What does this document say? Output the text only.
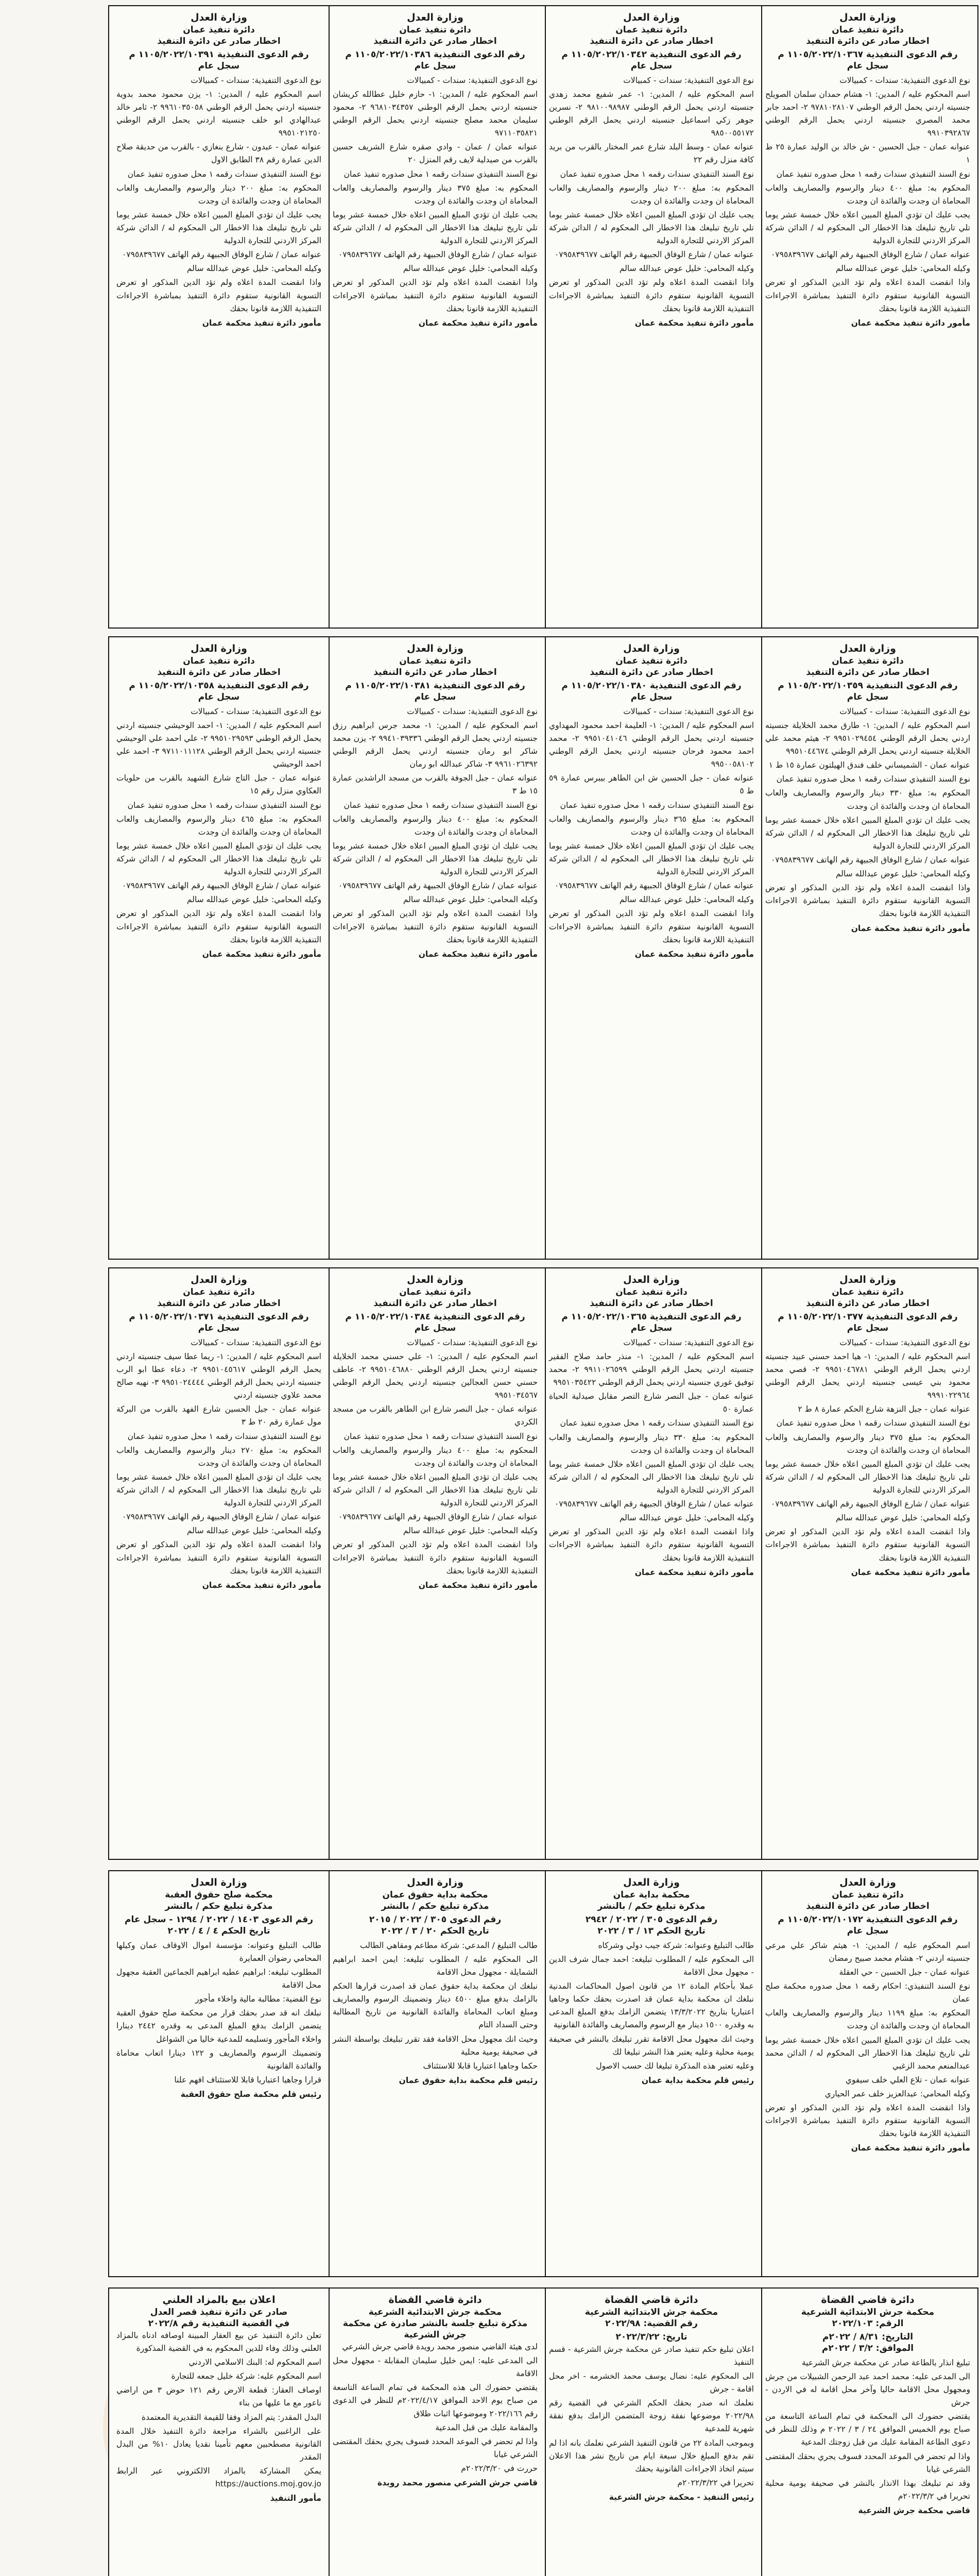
وزارة العدل
دائرة تنفيذ عمان
اخطار صادر عن دائرة التنفيذ
رقم الدعوى التنفيذية ١١٠٥/٢٠٢٢/١٠٣٦٧ م
سجل عام

نوع الدعوى التنفيذية: سندات - كمبيالات

اسم المحكوم عليه / المدين: ١- هشام حمدان سلمان الصويلح جنسيته اردني يحمل الرقم الوطني ٩٧٨١٠٢٨١٠٧ ٢- احمد جابر محمد المصري جنسيته اردني يحمل الرقم الوطني ٩٩١٠٣٩٢٨٦٧

عنوانه عمان - جبل الحسين - ش خالد بن الوليد عمارة ٢٥ ط ١

نوع السند التنفيذي سندات رقمه ١ محل صدوره تنفيذ عمان

المحكوم به: مبلغ ٤٠٠ دينار والرسوم والمصاريف والعاب المحاماة ان وجدت والفائدة ان وجدت

يجب عليك ان تؤدي المبلغ المبين اعلاه خلال خمسة عشر يوما تلي تاريخ تبليغك هذا الاخطار الى المحكوم له / الدائن شركة المركز الاردني للتجارة الدولية

عنوانه عمان / شارع الوفاق الجبيهة رقم الهاتف ٠٧٩٥٨٣٩٦٧٧

وكيله المحامي: خليل عوض عبدالله سالم

واذا انقضت المدة اعلاه ولم تؤد الدين المذكور او تعرض التسوية القانونية ستقوم دائرة التنفيذ بمباشرة الاجراءات التنفيذية اللازمة قانونا بحقك

مأمور دائرة تنفيذ محكمة عمان
وزارة العدل
دائرة تنفيذ عمان
اخطار صادر عن دائرة التنفيذ
رقم الدعوى التنفيذية ١١٠٥/٢٠٢٢/١٠٣٤٢ م
سجل عام

نوع الدعوى التنفيذية: سندات - كمبيالات

اسم المحكوم عليه / المدين: ١- عمر شفيع محمد زهدي جنسيته اردني يحمل الرقم الوطني ٩٨١٠٠٩٨٩٨٧ ٢- نسرين جوهر زكي اسماعيل جنسيته اردني يحمل الرقم الوطني ٩٨٥٠٠٥٥١٧٢

عنوانه عمان - وسط البلد شارع عمر المختار بالقرب من بريد كافة منزل رقم ٢٢

نوع السند التنفيذي سندات رقمه ١ محل صدوره تنفيذ عمان

المحكوم به: مبلغ ٢٠٠ دينار والرسوم والمصاريف والعاب المحاماة ان وجدت والفائدة ان وجدت

يجب عليك ان تؤدي المبلغ المبين اعلاه خلال خمسة عشر يوما تلي تاريخ تبليغك هذا الاخطار الى المحكوم له / الدائن شركة المركز الاردني للتجارة الدولية

عنوانه عمان / شارع الوفاق الجبيهة رقم الهاتف ٠٧٩٥٨٣٩٦٧٧

وكيله المحامي: خليل عوض عبدالله سالم

واذا انقضت المدة اعلاه ولم تؤد الدين المذكور او تعرض التسوية القانونية ستقوم دائرة التنفيذ بمباشرة الاجراءات التنفيذية اللازمة قانونا بحقك

مأمور دائرة تنفيذ محكمة عمان
وزارة العدل
دائرة تنفيذ عمان
اخطار صادر عن دائرة التنفيذ
رقم الدعوى التنفيذية ١١٠٥/٢٠٢٢/١٠٣٨٦ م
سجل عام

نوع الدعوى التنفيذية: سندات - كمبيالات

اسم المحكوم عليه / المدين: ١- حازم خليل عطالله كريشان جنسيته اردني يحمل الرقم الوطني ٩٦٨١٠٣٤٣٥٧ ٢- محمود سليمان محمد مصلح جنسيته اردني يحمل الرقم الوطني ٩٧١١٠٣٥٨٢١

عنوانه عمان / عمان - وادي صقره شارع الشريف حسين بالقرب من صيدلية لايف رقم المنزل ٢٠

نوع السند التنفيذي سندات رقمه ١ محل صدوره تنفيذ عمان

المحكوم به: مبلغ ٣٧٥ دينار والرسوم والمصاريف والعاب المحاماة ان وجدت والفائدة ان وجدت

يجب عليك ان تؤدي المبلغ المبين اعلاه خلال خمسة عشر يوما تلي تاريخ تبليغك هذا الاخطار الى المحكوم له / الدائن شركة المركز الاردني للتجارة الدولية

عنوانه عمان / شارع الوفاق الجبيهة رقم الهاتف ٠٧٩٥٨٣٩٦٧٧

وكيله المحامي: خليل عوض عبدالله سالم

واذا انقضت المدة اعلاه ولم تؤد الدين المذكور او تعرض التسوية القانونية ستقوم دائرة التنفيذ بمباشرة الاجراءات التنفيذية اللازمة قانونا بحقك

مأمور دائرة تنفيذ محكمة عمان
وزارة العدل
دائرة تنفيذ عمان
اخطار صادر عن دائرة التنفيذ
رقم الدعوى التنفيذية ١١٠٥/٢٠٢٢/١٠٣٩١ م
سجل عام

نوع الدعوى التنفيذية: سندات - كمبيالات

اسم المحكوم عليه / المدين: ١- يزن محمود محمد بدوية جنسيته اردني يحمل الرقم الوطني ٩٩٦١٠٣٥٠٥٨ ٢- ثامر خالد عبدالهادي ابو خلف جنسيته اردني يحمل الرقم الوطني ٩٩٥١٠٢١٢٥٠

عنوانه عمان - عبدون - شارع بنغازي - بالقرب من حديقة صلاح الدين عمارة رقم ٣٨ الطابق الاول

نوع السند التنفيذي سندات رقمه ١ محل صدوره تنفيذ عمان

المحكوم به: مبلغ ٢٠٠ دينار والرسوم والمصاريف والعاب المحاماة ان وجدت والفائدة ان وجدت

يجب عليك ان تؤدي المبلغ المبين اعلاه خلال خمسة عشر يوما تلي تاريخ تبليغك هذا الاخطار الى المحكوم له / الدائن شركة المركز الاردني للتجارة الدولية

عنوانه عمان / شارع الوفاق الجبيهة رقم الهاتف ٠٧٩٥٨٣٩٦٧٧

وكيله المحامي: خليل عوض عبدالله سالم

واذا انقضت المدة اعلاه ولم تؤد الدين المذكور او تعرض التسوية القانونية ستقوم دائرة التنفيذ بمباشرة الاجراءات التنفيذية اللازمة قانونا بحقك

مأمور دائرة تنفيذ محكمة عمان
وزارة العدل
دائرة تنفيذ عمان
اخطار صادر عن دائرة التنفيذ
رقم الدعوى التنفيذية ١١٠٥/٢٠٢٢/١٠٣٥٩ م
سجل عام

نوع الدعوى التنفيذية: سندات - كمبيالات

اسم المحكوم عليه / المدين: ١- طارق محمد الخلايلة جنسيته اردني يحمل الرقم الوطني ٩٩٥١٠٢٩٤٥٤ ٢- هيثم محمد علي الخلايلة جنسيته اردني يحمل الرقم الوطني ٩٩٥١٠٤٤٦٧٤

عنوانه عمان - الشميساني خلف فندق الهيلتون عمارة ١٥ ط ١

نوع السند التنفيذي سندات رقمه ١ محل صدوره تنفيذ عمان

المحكوم به: مبلغ ٣٣٠ دينار والرسوم والمصاريف والعاب المحاماة ان وجدت والفائدة ان وجدت

يجب عليك ان تؤدي المبلغ المبين اعلاه خلال خمسة عشر يوما تلي تاريخ تبليغك هذا الاخطار الى المحكوم له / الدائن شركة المركز الاردني للتجارة الدولية

عنوانه عمان / شارع الوفاق الجبيهة رقم الهاتف ٠٧٩٥٨٣٩٦٧٧

وكيله المحامي: خليل عوض عبدالله سالم

واذا انقضت المدة اعلاه ولم تؤد الدين المذكور او تعرض التسوية القانونية ستقوم دائرة التنفيذ بمباشرة الاجراءات التنفيذية اللازمة قانونا بحقك

مأمور دائرة تنفيذ محكمة عمان
وزارة العدل
دائرة تنفيذ عمان
اخطار صادر عن دائرة التنفيذ
رقم الدعوى التنفيذية ١١٠٥/٢٠٢٢/١٠٣٨٠ م
سجل عام

نوع الدعوى التنفيذية: سندات - كمبيالات

اسم المحكوم عليه / المدين: ١- العليمة احمد محمود المهداوي جنسيته اردني يحمل الرقم الوطني ٩٩٥١٠٤١٠٤٦ ٢- محمد احمد محمود فرحان جنسيته اردني يحمل الرقم الوطني ٩٩٥٠٠٥٨١٠٢

عنوانه عمان - جبل الحسين ش ابن الطاهر بيبرس عمارة ٥٩ ط ٥

نوع السند التنفيذي سندات رقمه ١ محل صدوره تنفيذ عمان

المحكوم به: مبلغ ٣٦٥ دينار والرسوم والمصاريف والعاب المحاماة ان وجدت والفائدة ان وجدت

يجب عليك ان تؤدي المبلغ المبين اعلاه خلال خمسة عشر يوما تلي تاريخ تبليغك هذا الاخطار الى المحكوم له / الدائن شركة المركز الاردني للتجارة الدولية

عنوانه عمان / شارع الوفاق الجبيهة رقم الهاتف ٠٧٩٥٨٣٩٦٧٧

وكيله المحامي: خليل عوض عبدالله سالم

واذا انقضت المدة اعلاه ولم تؤد الدين المذكور او تعرض التسوية القانونية ستقوم دائرة التنفيذ بمباشرة الاجراءات التنفيذية اللازمة قانونا بحقك

مأمور دائرة تنفيذ محكمة عمان
وزارة العدل
دائرة تنفيذ عمان
اخطار صادر عن دائرة التنفيذ
رقم الدعوى التنفيذية ١١٠٥/٢٠٢٢/١٠٣٨١ م
سجل عام

نوع الدعوى التنفيذية: سندات - كمبيالات

اسم المحكوم عليه / المدين: ١- محمد جرس ابراهيم رزق جنسيته اردني يحمل الرقم الوطني ٩٩٤١٠٣٩٣٣٦ ٢- يزن محمد شاكر ابو رمان جنسيته اردني يحمل الرقم الوطني ٩٩٦١٠٢٦٣٩٢ ٣- شاكر عبدالله ابو رمان

عنوانه عمان - جبل الجوفة بالقرب من مسجد الراشدين عمارة ١٥ ط ٣

نوع السند التنفيذي سندات رقمه ١ محل صدوره تنفيذ عمان

المحكوم به: مبلغ ٤٠٠ دينار والرسوم والمصاريف والعاب المحاماة ان وجدت والفائدة ان وجدت

يجب عليك ان تؤدي المبلغ المبين اعلاه خلال خمسة عشر يوما تلي تاريخ تبليغك هذا الاخطار الى المحكوم له / الدائن شركة المركز الاردني للتجارة الدولية

عنوانه عمان / شارع الوفاق الجبيهة رقم الهاتف ٠٧٩٥٨٣٩٦٧٧

وكيله المحامي: خليل عوض عبدالله سالم

واذا انقضت المدة اعلاه ولم تؤد الدين المذكور او تعرض التسوية القانونية ستقوم دائرة التنفيذ بمباشرة الاجراءات التنفيذية اللازمة قانونا بحقك

مأمور دائرة تنفيذ محكمة عمان
وزارة العدل
دائرة تنفيذ عمان
اخطار صادر عن دائرة التنفيذ
رقم الدعوى التنفيذية ١١٠٥/٢٠٢٢/١٠٣٥٨ م
سجل عام

نوع الدعوى التنفيذية: سندات - كمبيالات

اسم المحكوم عليه / المدين: ١- احمد الوحيشي جنسيته اردني يحمل الرقم الوطني ٩٩٥١٠٢٩٥٩٣ ٢- علي احمد علي الوحيشي جنسيته اردني يحمل الرقم الوطني ٩٧١١٠١١١٢٨ ٣- احمد علي احمد الوحيشي

عنوانه عمان - جبل التاج شارع الشهيد بالقرب من حلويات العكاوي منزل رقم ١٥

نوع السند التنفيذي سندات رقمه ١ محل صدوره تنفيذ عمان

المحكوم به: مبلغ ٤٦٥ دينار والرسوم والمصاريف والعاب المحاماة ان وجدت والفائدة ان وجدت

يجب عليك ان تؤدي المبلغ المبين اعلاه خلال خمسة عشر يوما تلي تاريخ تبليغك هذا الاخطار الى المحكوم له / الدائن شركة المركز الاردني للتجارة الدولية

عنوانه عمان / شارع الوفاق الجبيهة رقم الهاتف ٠٧٩٥٨٣٩٦٧٧

وكيله المحامي: خليل عوض عبدالله سالم

واذا انقضت المدة اعلاه ولم تؤد الدين المذكور او تعرض التسوية القانونية ستقوم دائرة التنفيذ بمباشرة الاجراءات التنفيذية اللازمة قانونا بحقك

مأمور دائرة تنفيذ محكمة عمان
وزارة العدل
دائرة تنفيذ عمان
اخطار صادر عن دائرة التنفيذ
رقم الدعوى التنفيذية ١١٠٥/٢٠٢٢/١٠٣٧٧ م
سجل عام

نوع الدعوى التنفيذية: سندات - كمبيالات

اسم المحكوم عليه / المدين: ١- هيا احمد حسني عبيد جنسيته اردني يحمل الرقم الوطني ٩٩٥١٠٤٦٧٨١ ٢- قصي محمد محمود بني عيسى جنسيته اردني يحمل الرقم الوطني ٩٩٩١٠٢٢٩٦٤

عنوانه عمان - جبل النزهة شارع الحكم عمارة ٨ ط ٢

نوع السند التنفيذي سندات رقمه ١ محل صدوره تنفيذ عمان

المحكوم به: مبلغ ٣٧٥ دينار والرسوم والمصاريف والعاب المحاماة ان وجدت والفائدة ان وجدت

يجب عليك ان تؤدي المبلغ المبين اعلاه خلال خمسة عشر يوما تلي تاريخ تبليغك هذا الاخطار الى المحكوم له / الدائن شركة المركز الاردني للتجارة الدولية

عنوانه عمان / شارع الوفاق الجبيهة رقم الهاتف ٠٧٩٥٨٣٩٦٧٧

وكيله المحامي: خليل عوض عبدالله سالم

واذا انقضت المدة اعلاه ولم تؤد الدين المذكور او تعرض التسوية القانونية ستقوم دائرة التنفيذ بمباشرة الاجراءات التنفيذية اللازمة قانونا بحقك

مأمور دائرة تنفيذ محكمة عمان
وزارة العدل
دائرة تنفيذ عمان
اخطار صادر عن دائرة التنفيذ
رقم الدعوى التنفيذية ١١٠٥/٢٠٢٢/١٠٣٦٥ م
سجل عام

نوع الدعوى التنفيذية: سندات - كمبيالات

اسم المحكوم عليه / المدين: ١- منذر حامد صلاح الفقير جنسيته اردني يحمل الرقم الوطني ٩٩١١٠٢٦٥٩٩ ٢- محمد توفيق غوري جنسيته اردني يحمل الرقم الوطني ٩٩٥١٠٣٥٤٢٢

عنوانه عمان - جبل النصر شارع التصر مقابل صيدلية الحياة عمارة ٥٠

نوع السند التنفيذي سندات رقمه ١ محل صدوره تنفيذ عمان

المحكوم به: مبلغ ٣٣٠ دينار والرسوم والمصاريف والعاب المحاماة ان وجدت والفائدة ان وجدت

يجب عليك ان تؤدي المبلغ المبين اعلاه خلال خمسة عشر يوما تلي تاريخ تبليغك هذا الاخطار الى المحكوم له / الدائن شركة المركز الاردني للتجارة الدولية

عنوانه عمان / شارع الوفاق الجبيهة رقم الهاتف ٠٧٩٥٨٣٩٦٧٧

وكيله المحامي: خليل عوض عبدالله سالم

واذا انقضت المدة اعلاه ولم تؤد الدين المذكور او تعرض التسوية القانونية ستقوم دائرة التنفيذ بمباشرة الاجراءات التنفيذية اللازمة قانونا بحقك

مأمور دائرة تنفيذ محكمة عمان
وزارة العدل
دائرة تنفيذ عمان
اخطار صادر عن دائرة التنفيذ
رقم الدعوى التنفيذية ١١٠٥/٢٠٢٢/١٠٣٨٤ م
سجل عام

نوع الدعوى التنفيذية: سندات - كمبيالات

اسم المحكوم عليه / المدين: ١- علي حسني محمد الخلايلة جنسيته اردني يحمل الرقم الوطني ٩٩٥١٠٤٦٨٨٠ ٢- عاطف حسني حسن العجالين جنسيته اردني يحمل الرقم الوطني ٩٩٥١٠٣٤٥٦٧

عنوانه عمان - جبل النصر شارع ابن الطاهر بالقرب من مسجد الكردي

نوع السند التنفيذي سندات رقمه ١ محل صدوره تنفيذ عمان

المحكوم به: مبلغ ٤٠٠ دينار والرسوم والمصاريف والعاب المحاماة ان وجدت والفائدة ان وجدت

يجب عليك ان تؤدي المبلغ المبين اعلاه خلال خمسة عشر يوما تلي تاريخ تبليغك هذا الاخطار الى المحكوم له / الدائن شركة المركز الاردني للتجارة الدولية

عنوانه عمان / شارع الوفاق الجبيهة رقم الهاتف ٠٧٩٥٨٣٩٦٧٧

وكيله المحامي: خليل عوض عبدالله سالم

واذا انقضت المدة اعلاه ولم تؤد الدين المذكور او تعرض التسوية القانونية ستقوم دائرة التنفيذ بمباشرة الاجراءات التنفيذية اللازمة قانونا بحقك

مأمور دائرة تنفيذ محكمة عمان
وزارة العدل
دائرة تنفيذ عمان
اخطار صادر عن دائرة التنفيذ
رقم الدعوى التنفيذية ١١٠٥/٢٠٢٢/١٠٣٧١ م
سجل عام

نوع الدعوى التنفيذية: سندات - كمبيالات

اسم المحكوم عليه / المدين: ١- ريما عطا سيف جنسيته اردني يحمل الرقم الوطني ٩٩٥١٠٤٥٦١٧ ٢- دعاء عطا ابو الرب جنسيته اردني يحمل الرقم الوطني ٩٩٥١٠٢٤٤٤٤ ٣- نهيه صالح محمد علاوي جنسيته اردني

عنوانه عمان - جبل الحسين شارع الفهد بالقرب من البركة مول عمارة رقم ٢٠ ط ٣

نوع السند التنفيذي سندات رقمه ١ محل صدوره تنفيذ عمان

المحكوم به: مبلغ ٢٧٠ دينار والرسوم والمصاريف والعاب المحاماة ان وجدت والفائدة ان وجدت

يجب عليك ان تؤدي المبلغ المبين اعلاه خلال خمسة عشر يوما تلي تاريخ تبليغك هذا الاخطار الى المحكوم له / الدائن شركة المركز الاردني للتجارة الدولية

عنوانه عمان / شارع الوفاق الجبيهة رقم الهاتف ٠٧٩٥٨٣٩٦٧٧

وكيله المحامي: خليل عوض عبدالله سالم

واذا انقضت المدة اعلاه ولم تؤد الدين المذكور او تعرض التسوية القانونية ستقوم دائرة التنفيذ بمباشرة الاجراءات التنفيذية اللازمة قانونا بحقك

مأمور دائرة تنفيذ محكمة عمان
وزارة العدل
دائرة تنفيذ عمان
اخطار صادر عن دائرة التنفيذ
رقم الدعوى التنفيذية ١١٠٥/٢٠٢٢/١٠١٧٢ م
سجل عام

اسم المحكوم عليه / المدين: ١- هيثم شاكر علي مرعي جنسيته اردني ٢- هشام محمد صبيح رمضان

عنوانه عمان - جبل الحسين - حي العقلة

نوع السند التنفيذي: احكام رقمه ١ محل صدوره محكمة صلح عمان

المحكوم به: مبلغ ١١٩٩ دينار والرسوم والمصاريف والعاب المحاماة ان وجدت والفائدة ان وجدت

يجب عليك ان تؤدي المبلغ المبين اعلاه خلال خمسة عشر يوما تلي تاريخ تبليغك هذا الاخطار الى المحكوم له / الدائن محمد عبدالمنعم محمد الزغبي

عنوانه عمان - تلاع العلي خلف سيفوي

وكيله المحامي: عبدالعزيز خلف عمر الحياري

واذا انقضت المدة اعلاه ولم تؤد الدين المذكور او تعرض التسوية القانونية ستقوم دائرة التنفيذ بمباشرة الاجراءات التنفيذية اللازمة قانونا بحقك

مأمور دائرة تنفيذ محكمة عمان
وزارة العدل
محكمة بداية عمان
مذكرة تبليغ حكم / بالنشر
رقم الدعوى ٣٠٥ / ٢٠٢٢ / ٢٩٤٢
تاريخ الحكم ١٣ / ٣ / ٢٠٢٢

طالب التبليغ وعنوانه: شركة جيب دولي وشركاه

الى المحكوم عليه / المطلوب تبليغه: احمد جمال شرف الدين - مجهول محل الاقامة

عملا بأحكام المادة ١٢ من قانون اصول المحاكمات المدنية نبلغك ان محكمة بداية عمان قد اصدرت بحقك حكما وجاهيا اعتباريا بتاريخ ١٣/٣/٢٠٢٢ يتضمن الزامك بدفع المبلغ المدعى به وقدره ١٥٠٠ دينار مع الرسوم والمصاريف والفائدة القانونية

وحيث انك مجهول محل الاقامة تقرر تبليغك بالنشر في صحيفة يومية محلية وعليه يعتبر هذا النشر تبليغا لك

وعليه تعتبر هذه المذكرة تبليغا لك حسب الاصول

رئيس قلم محكمة بداية عمان
وزارة العدل
محكمة بداية حقوق عمان
مذكرة تبليغ حكم / بالنشر
رقم الدعوى ٣٠٥ / ٢٠٢٢ / ٢٠١٥
تاريخ الحكم ٢٠ / ٣ / ٢٠٢٢

طالب التبليغ / المدعي: شركة مطاعم ومقاهي الطالب

الى المحكوم عليه / المطلوب تبليغه: ايمن احمد ابراهيم الشمايلة - مجهول محل الاقامة

نبلغك ان محكمة بداية حقوق عمان قد اصدرت قرارها الحكم بالزامك بدفع مبلغ ٤٥٠٠ دينار وتضمينك الرسوم والمصاريف ومبلغ اتعاب المحاماة والفائدة القانونية من تاريخ المطالبة وحتى السداد التام

وحيث انك مجهول محل الاقامة فقد تقرر تبليغك بواسطة النشر في صحيفة يومية محلية

حكما وجاهيا اعتباريا قابلا للاستئناف

رئيس قلم محكمة بداية حقوق عمان
وزارة العدل
محكمة صلح حقوق العقبة
مذكرة تبليغ حكم / بالنشر
رقم الدعوى ١٤٠٣ / ٢٠٢٢ / ١٢٩٤ - سجل عام
تاريخ الحكم ٤ / ٤ / ٢٠٢٢

طالب التبليغ وعنوانه: مؤسسة اموال الاوقاف عمان وكيلها المحامي رضوان العمايرة

المطلوب تبليغه: ابراهيم عطيه ابراهيم الجماعين العقبة مجهول محل الاقامة

نوع القضية: مطالبة مالية واخلاء مأجور

نبلغك انه قد صدر بحقك قرار من محكمة صلح حقوق العقبة يتضمن الزامك بدفع المبلغ المدعى به وقدره ٢٤٤٢ دينارا واخلاء المأجور وتسليمه للمدعية خاليا من الشواغل

وتضمينك الرسوم والمصاريف و ١٢٢ دينارا اتعاب محاماة والفائدة القانونية

قرارا وجاهيا اعتباريا قابلا للاستئناف افهم علنا

رئيس قلم محكمة صلح حقوق العقبة
دائرة قاضي القضاة
محكمة جرش الابتدائية الشرعية
الرقم: ٢٠٢٢/١٠٣
التاريخ: ٨/٣١ / ٢٠٢٢م
الموافق: ٣/٢ / ٢٠٢٢م

تبليغ انذار بالطاعة صادر عن محكمة جرش الشرعية

الى المدعى عليه: محمد احمد عبد الرحمن الشبيلات من جرش ومجهول محل الاقامة حاليا وآخر محل اقامة له في الاردن - جرش

يقتضي حضورك الى المحكمة في تمام الساعة التاسعة من صباح يوم الخميس الموافق ٢٤ / ٣ / ٢٠٢٢ م وذلك للنظر في دعوى الطاعة المقامة عليك من قبل زوجتك المدعية

واذا لم تحضر في الموعد المحدد فسوف يجري بحقك المقتضى الشرعي غيابا

وقد تم تبليغك بهذا الانذار بالنشر في صحيفة يومية محلية تحريرا في ٢٠٢٢/٣/٢م

قاضي محكمة جرش الشرعية
دائرة قاضي القضاة
محكمة جرش الابتدائية الشرعية
رقم القضية: ٢٠٢٢/٩٨
تاريخ: ٢٠٢٢/٣/٢٢

اعلان تبليغ حكم تنفيذ صادر عن محكمة جرش الشرعية - قسم التنفيذ

الى المحكوم عليه: نضال يوسف محمد الخشرمه - اخر محل اقامة - جرش

نعلمك انه صدر بحقك الحكم الشرعي في القضية رقم ٢٠٢٢/٩٨ موضوعها نفقة زوجة المتضمن الزامك بدفع نفقة شهرية للمدعية

وبموجب المادة ٢٢ من قانون التنفيذ الشرعي نعلمك بانه اذا لم تقم بدفع المبلغ خلال سبعة ايام من تاريخ نشر هذا الاعلان سيتم اتخاذ الاجراءات القانونية بحقك

تحريرا في ٢٠٢٢/٣/٢٢م

رئيس التنفيذ - محكمة جرش الشرعية
دائرة قاضي القضاة
محكمة جرش الابتدائية الشرعية
مذكرة تبليغ جلسة بالنشر صادرة عن محكمة جرش الشرعية

لدى هيئة القاضي منصور محمد رويدة قاضي جرش الشرعي

الى المدعى عليه: ايمن خليل سليمان المقابلة - مجهول محل الاقامة

يقتضي حضورك الى هذه المحكمة في تمام الساعة التاسعة من صباح يوم الاحد الموافق ٢٠٢٢/٤/١٧م للنظر في الدعوى رقم ٢٠٢٢/١٦٦ وموضوعها اثبات طلاق

والمقامة عليك من قبل المدعية

واذا لم تحضر في الموعد المحدد فسوف يجري بحقك المقتضى الشرعي غيابا

حررت في ٢٠٢٢/٣/٢٠م

قاضي جرش الشرعي منصور محمد رويدة
اعلان بيع بالمزاد العلني
صادر عن دائرة تنفيذ قصر العدل
في القضية التنفيذية رقم ٢٠٢٢/٨

تعلن دائرة التنفيذ عن بيع العقار المبينة اوصافه ادناه بالمزاد العلني وذلك وفاء للدين المحكوم به في القضية المذكورة

اسم المحكوم له: البنك الاسلامي الاردني

اسم المحكوم عليه: شركة خليل جمعه للتجارة

اوصاف العقار: قطعة الارض رقم ١٢١ حوض ٣ من اراضي ناعور مع ما عليها من بناء

البدل المقدر: يتم المزاد وفقا للقيمة التقديرية المعتمدة

على الراغبين بالشراء مراجعة دائرة التنفيذ خلال المدة القانونية مصطحبين معهم تأمينا نقديا يعادل ١٠% من البدل المقدر

يمكن المشاركة بالمزاد الالكتروني عبر الرابط https://auctions.moj.gov.jo

مأمور التنفيذ
